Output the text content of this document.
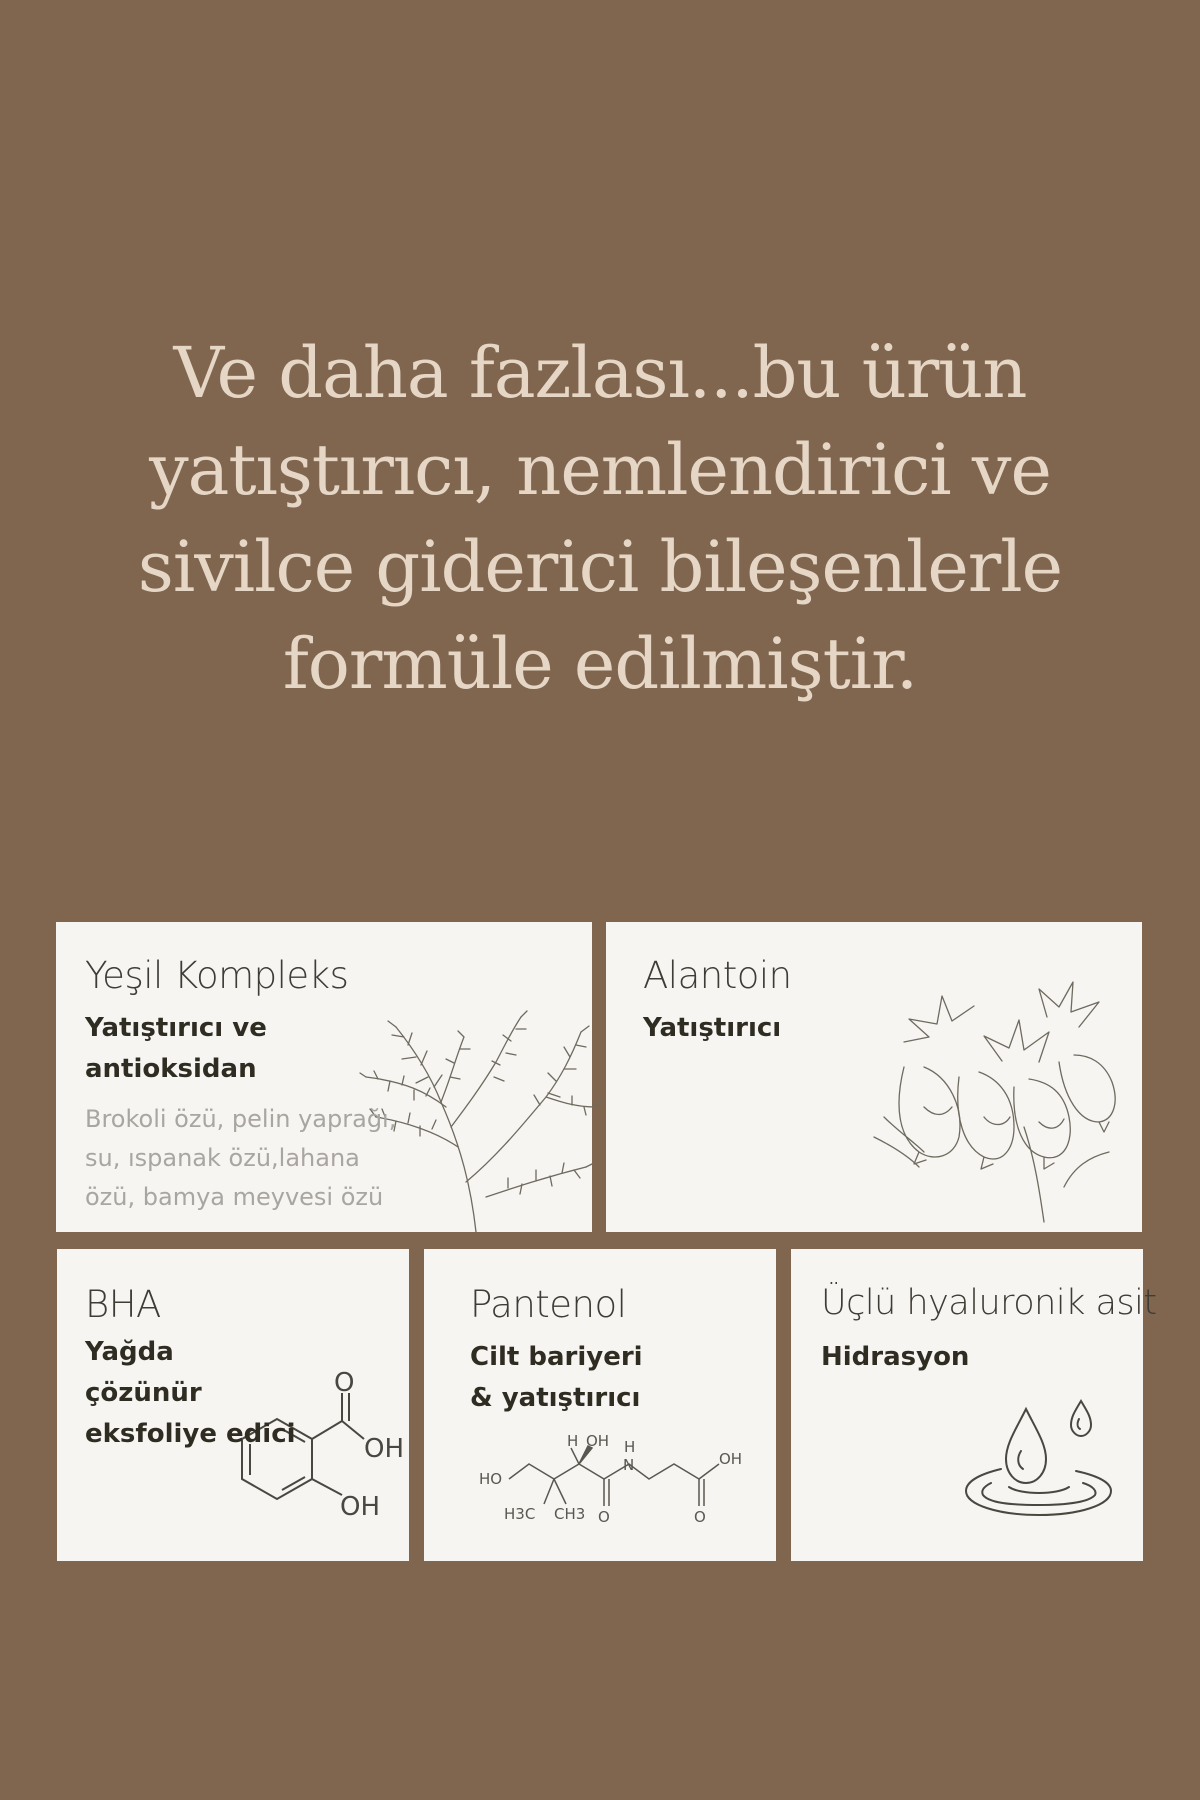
Ve daha fazlası...bu ürün
yatıştırıcı, nemlendirici ve
sivilce giderici bileşenlerle
formüle edilmiştir.
Yeşil Kompleks
Yatıştırıcı ve
antioksidan
Brokoli özü, pelin yaprağı,
su, ıspanak özü,lahana
özü, bamya meyvesi özü
Alantoin
Yatıştırıcı
BHA
O
OH
OH
Yağda
çözünür
eksfoliye edici
Pantenol
Cilt bariyeri
& yatıştırıcı
H OH H
N	OH
HO
H3C CH3 O	O
Üçlü hyaluronik asit
Hidrasyon
